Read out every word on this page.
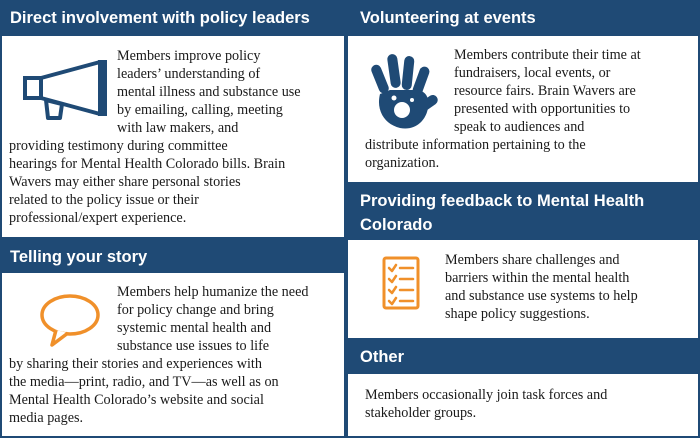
Direct involvement with policy leaders
Members improve policy
leaders’ understanding of
mental illness and substance use
by emailing, calling, meeting
with law makers, and
providing testimony during committee
hearings for Mental Health Colorado bills. Brain
Wavers may either share personal stories
related to the policy issue or their
professional/expert experience.
Telling your story
Members help humanize the need
for policy change and bring
systemic mental health and
substance use issues to life
by sharing their stories and experiences with
the media—print, radio, and TV—as well as on
Mental Health Colorado’s website and social
media pages.
Volunteering at events
Members contribute their time at
fundraisers, local events, or
resource fairs. Brain Wavers are
presented with opportunities to
speak to audiences and
distribute information pertaining to the
organization.
Providing feedback to Mental Health
Colorado
Members share challenges and
barriers within the mental health
and substance use systems to help
shape policy suggestions.
Other
Members occasionally join task forces and
stakeholder groups.
